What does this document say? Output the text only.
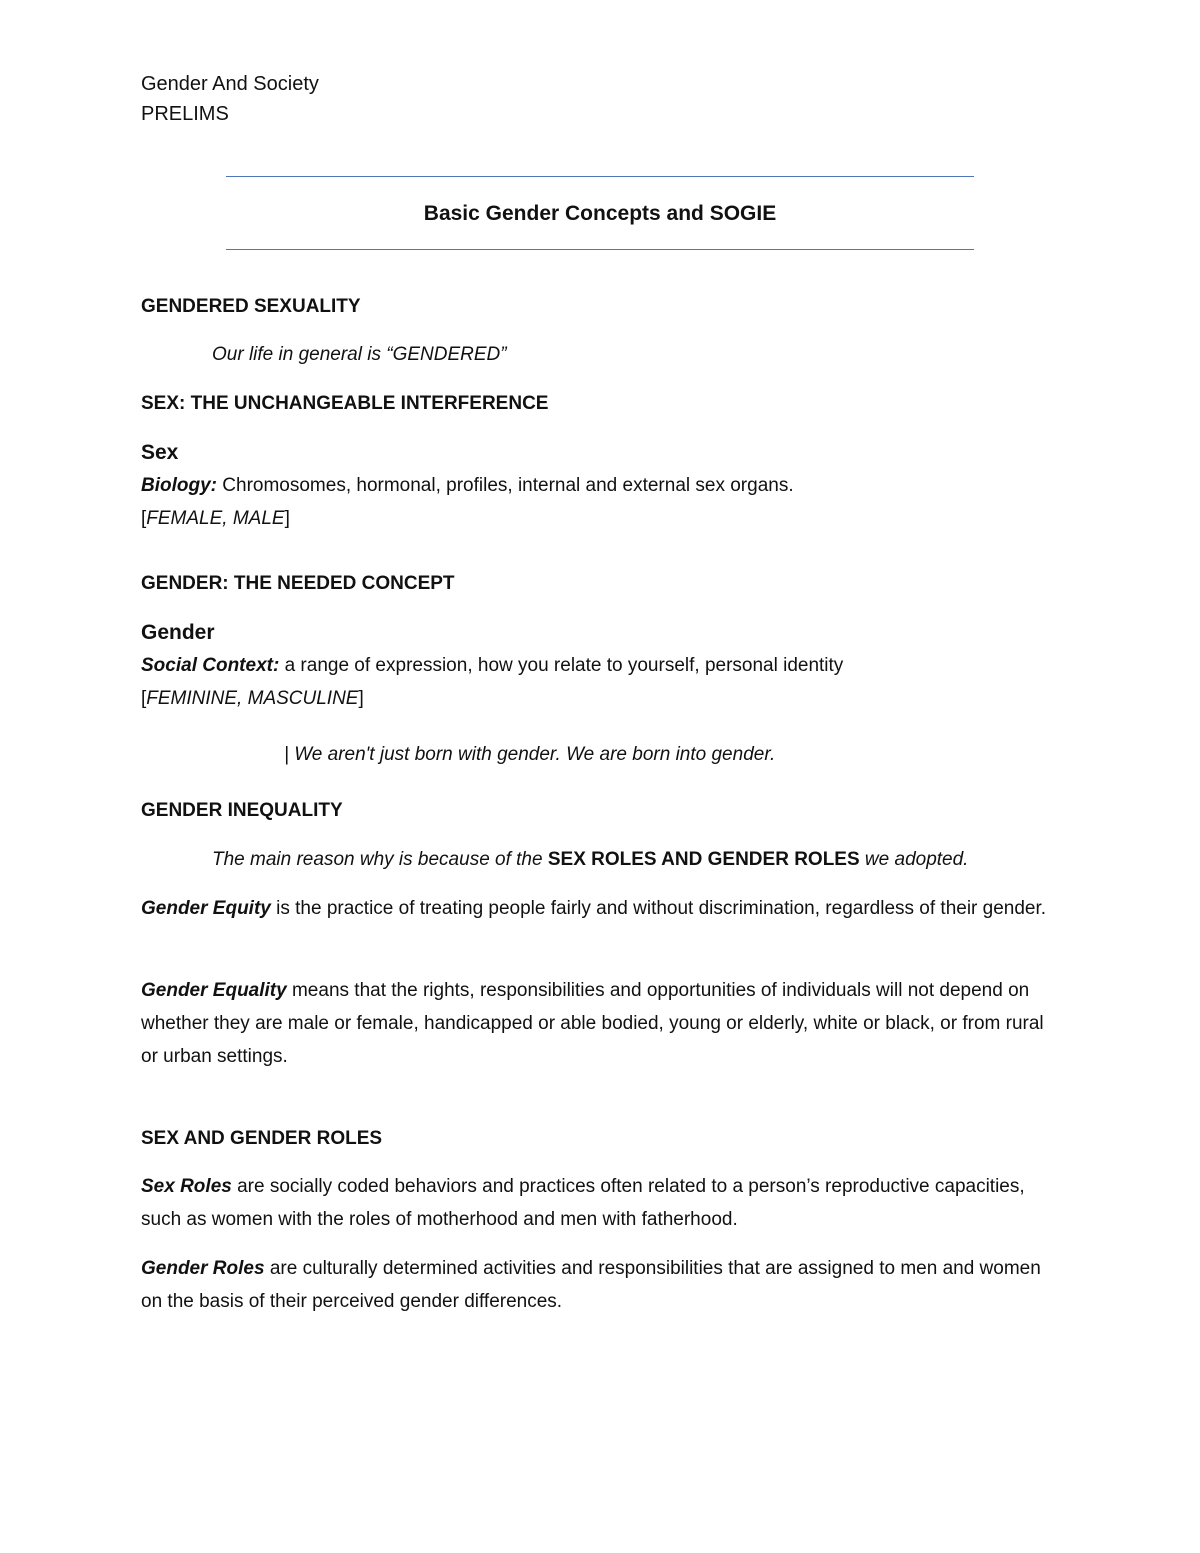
Gender And Society
PRELIMS
Basic Gender Concepts and SOGIE
GENDERED SEXUALITY
Our life in general is “GENDERED”
SEX: THE UNCHANGEABLE INTERFERENCE
Sex
Biology: Chromosomes, hormonal, profiles, internal and external sex organs.
[FEMALE, MALE]
GENDER: THE NEEDED CONCEPT
Gender
Social Context: a range of expression, how you relate to yourself, personal identity
[FEMININE, MASCULINE]
| We aren't just born with gender. We are born into gender.
GENDER INEQUALITY
The main reason why is because of the SEX ROLES AND GENDER ROLES we adopted.
Gender Equity is the practice of treating people fairly and without discrimination, regardless of their gender.
Gender Equality means that the rights, responsibilities and opportunities of individuals will not depend on whether they are male or female, handicapped or able bodied, young or elderly, white or black, or from rural or urban settings.
SEX AND GENDER ROLES
Sex Roles are socially coded behaviors and practices often related to a person’s reproductive capacities, such as women with the roles of motherhood and men with fatherhood.
Gender Roles are culturally determined activities and responsibilities that are assigned to men and women on the basis of their perceived gender differences.
